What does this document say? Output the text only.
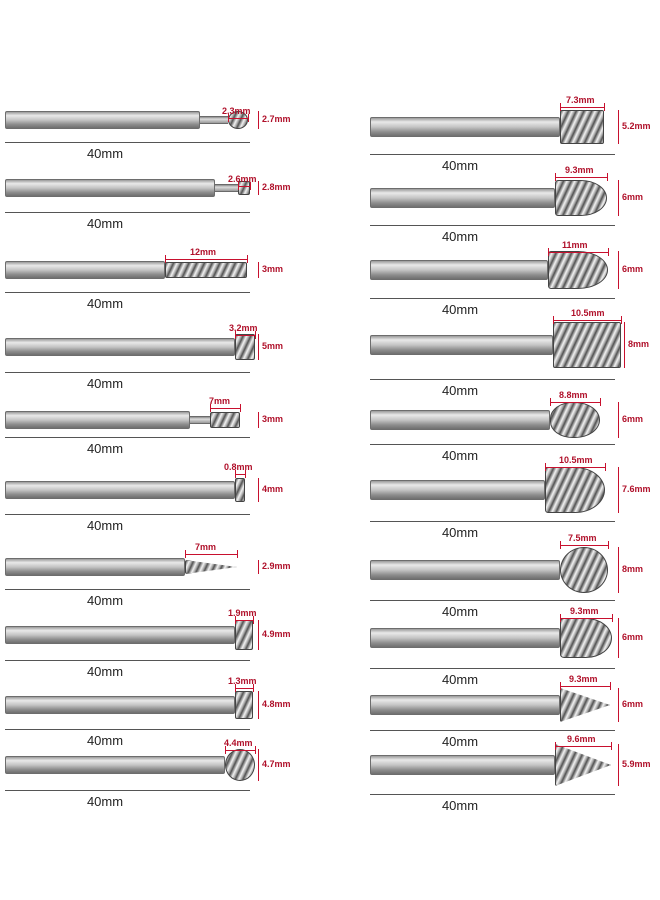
2.3mm
2.7mm
40mm
2.6mm
2.8mm
40mm
12mm
3mm
40mm
3.2mm
5mm
40mm
7mm
3mm
40mm
0.8mm
4mm
40mm
7mm
2.9mm
40mm
1.9mm
4.9mm
40mm
1.3mm
4.8mm
40mm	4.4mm
4.7mm
40mm
7.3mm
5.2mm
40mm	9.3mm
6mm
40mm
11mm
6mm
40mm	10.5mm
8mm
40mm	8.8mm
6mm
40mm	10.5mm
7.6mm
40mm	7.5mm
8mm
40mm	9.3mm
6mm
40mm	9.3mm
6mm
40mm	9.6mm
5.9mm
40mm
